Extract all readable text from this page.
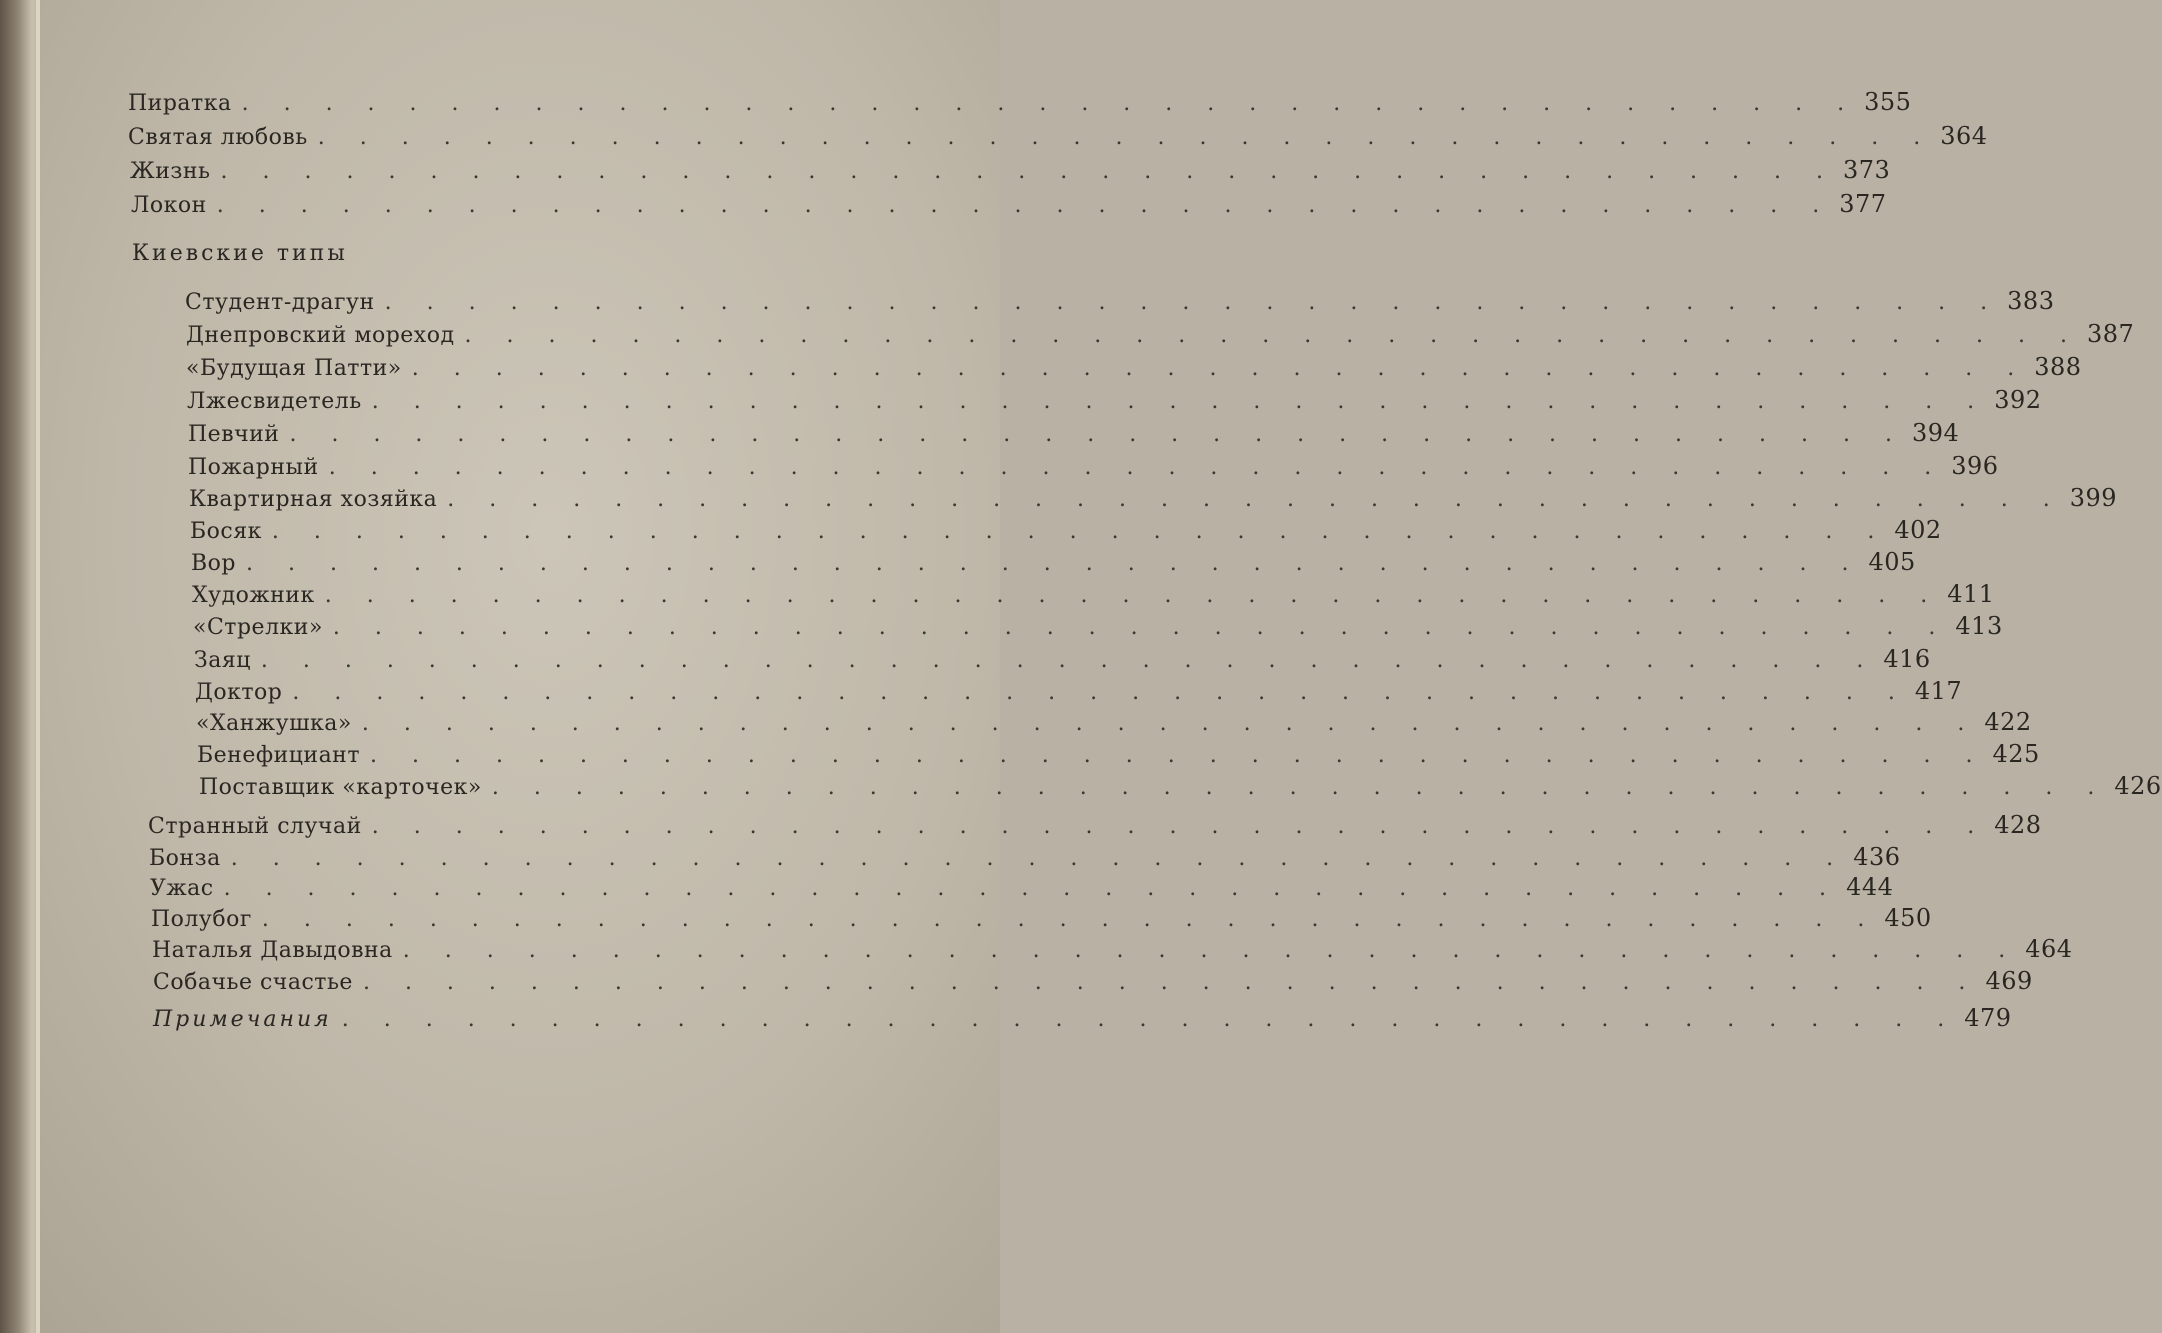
Пиратка . . . . . . . . . . . . . . . . . . . . . . . . . . . . . . . . . . . . . . . 355
Святая любовь . . . . . . . . . . . . . . . . . . . . . . . . . . . . . . . . . . . . . . . 364
Жизнь . . . . . . . . . . . . . . . . . . . . . . . . . . . . . . . . . . . . . . . 373
Локон . . . . . . . . . . . . . . . . . . . . . . . . . . . . . . . . . . . . . . . 377
Киевские типы
Студент-драгун . . . . . . . . . . . . . . . . . . . . . . . . . . . . . . . . . . . . . . . 383
Днепровский мореход . . . . . . . . . . . . . . . . . . . . . . . . . . . . . . . . . . . . . . . 387
«Будущая Патти» . . . . . . . . . . . . . . . . . . . . . . . . . . . . . . . . . . . . . . . 388
Лжесвидетель . . . . . . . . . . . . . . . . . . . . . . . . . . . . . . . . . . . . . . . 392
Певчий . . . . . . . . . . . . . . . . . . . . . . . . . . . . . . . . . . . . . . . 394
Пожарный . . . . . . . . . . . . . . . . . . . . . . . . . . . . . . . . . . . . . . . 396
Квартирная хозяйка . . . . . . . . . . . . . . . . . . . . . . . . . . . . . . . . . . . . . . . 399
Босяк . . . . . . . . . . . . . . . . . . . . . . . . . . . . . . . . . . . . . . . 402
Вор . . . . . . . . . . . . . . . . . . . . . . . . . . . . . . . . . . . . . . . 405
Художник . . . . . . . . . . . . . . . . . . . . . . . . . . . . . . . . . . . . . . . 411
«Стрелки» . . . . . . . . . . . . . . . . . . . . . . . . . . . . . . . . . . . . . . . 413
Заяц . . . . . . . . . . . . . . . . . . . . . . . . . . . . . . . . . . . . . . . 416
Доктор . . . . . . . . . . . . . . . . . . . . . . . . . . . . . . . . . . . . . . . 417
«Ханжушка» . . . . . . . . . . . . . . . . . . . . . . . . . . . . . . . . . . . . . . . 422
Бенефициант . . . . . . . . . . . . . . . . . . . . . . . . . . . . . . . . . . . . . . . 425
Поставщик «карточек» . . . . . . . . . . . . . . . . . . . . . . . . . . . . . . . . . . . . . . . 426
Странный случай . . . . . . . . . . . . . . . . . . . . . . . . . . . . . . . . . . . . . . . 428
Бонза . . . . . . . . . . . . . . . . . . . . . . . . . . . . . . . . . . . . . . . 436
Ужас . . . . . . . . . . . . . . . . . . . . . . . . . . . . . . . . . . . . . . . 444
Полубог . . . . . . . . . . . . . . . . . . . . . . . . . . . . . . . . . . . . . . . 450
Наталья Давыдовна . . . . . . . . . . . . . . . . . . . . . . . . . . . . . . . . . . . . . . . 464
Собачье счастье . . . . . . . . . . . . . . . . . . . . . . . . . . . . . . . . . . . . . . . 469
Примечания . . . . . . . . . . . . . . . . . . . . . . . . . . . . . . . . . . . . . . . 479
